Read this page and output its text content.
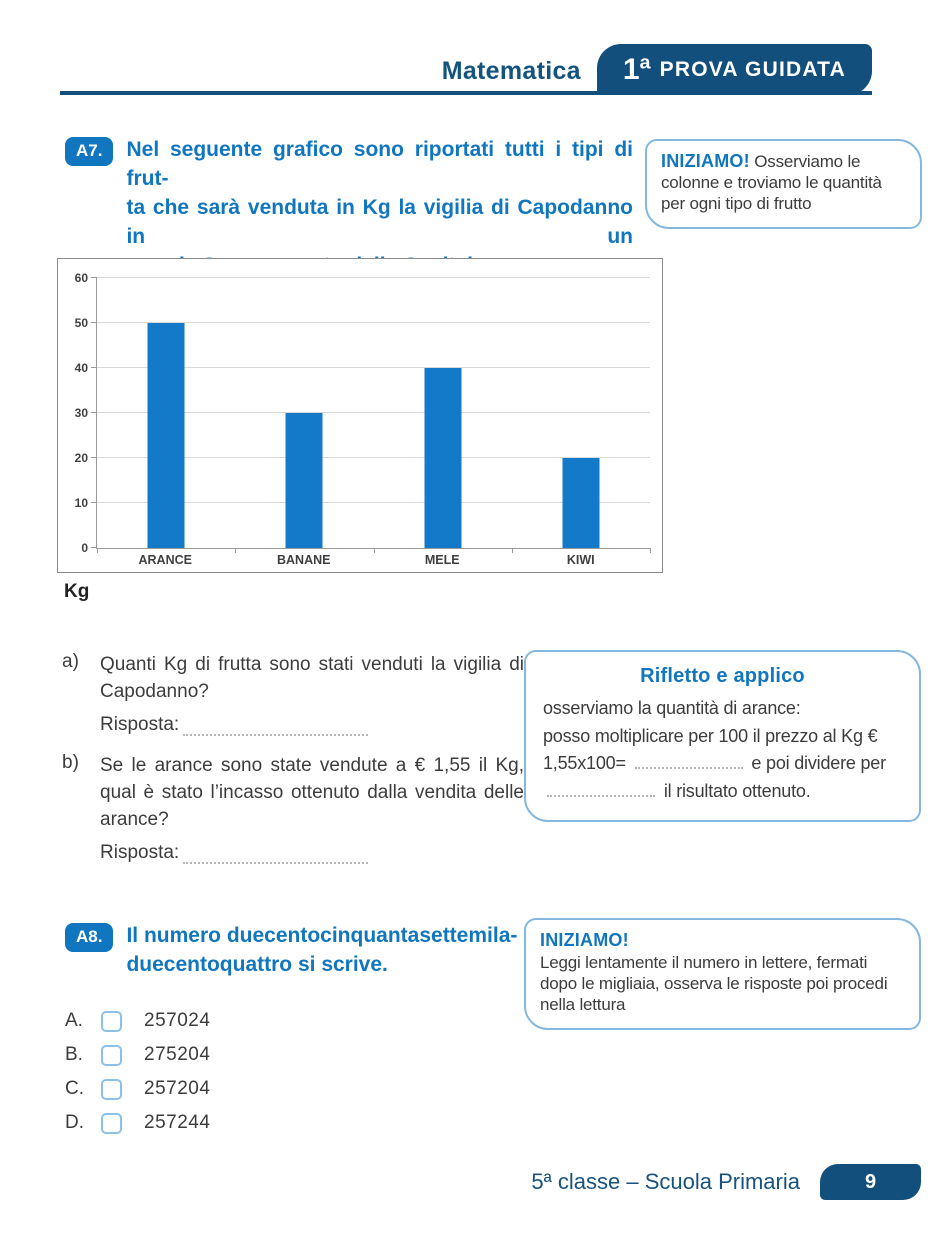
Matematica 1ª PROVA GUIDATA
A7.	Nel seguente grafico sono riportati tutti i tipi di frut-
ta che sarà venduta in Kg la vigilia di Capodanno in un
INIZIAMO! Osserviamo le colonne e troviamo le quantità per ogni tipo di frutto
0
10
20
30
40
50
60
ARANCE	BANANE	MELE	KIWI
Kg
a)	Quanti Kg di frutta sono stati venduti la vigilia di Capodanno?
Risposta:
b)	Se le arance sono state vendute a € 1,55 il Kg, qual è stato l’incasso ottenuto dalla vendita delle arance?
Risposta:
Rifletto e applico
osserviamo la quantità di arance:
posso moltiplicare per 100 il prezzo al Kg € 1,55x100=	e poi dividere per  il risultato ottenuto.
A8.	Il numero duecentocinquantasettemila-
duecentoquattro si scrive.
INIZIAMO!
Leggi lentamente il numero in lettere, fermati dopo le migliaia, osserva le risposte poi procedi nella lettura
A.	257024
B.	275204
C.	257204
D.	257244
5ª classe – Scuola Primaria	9
